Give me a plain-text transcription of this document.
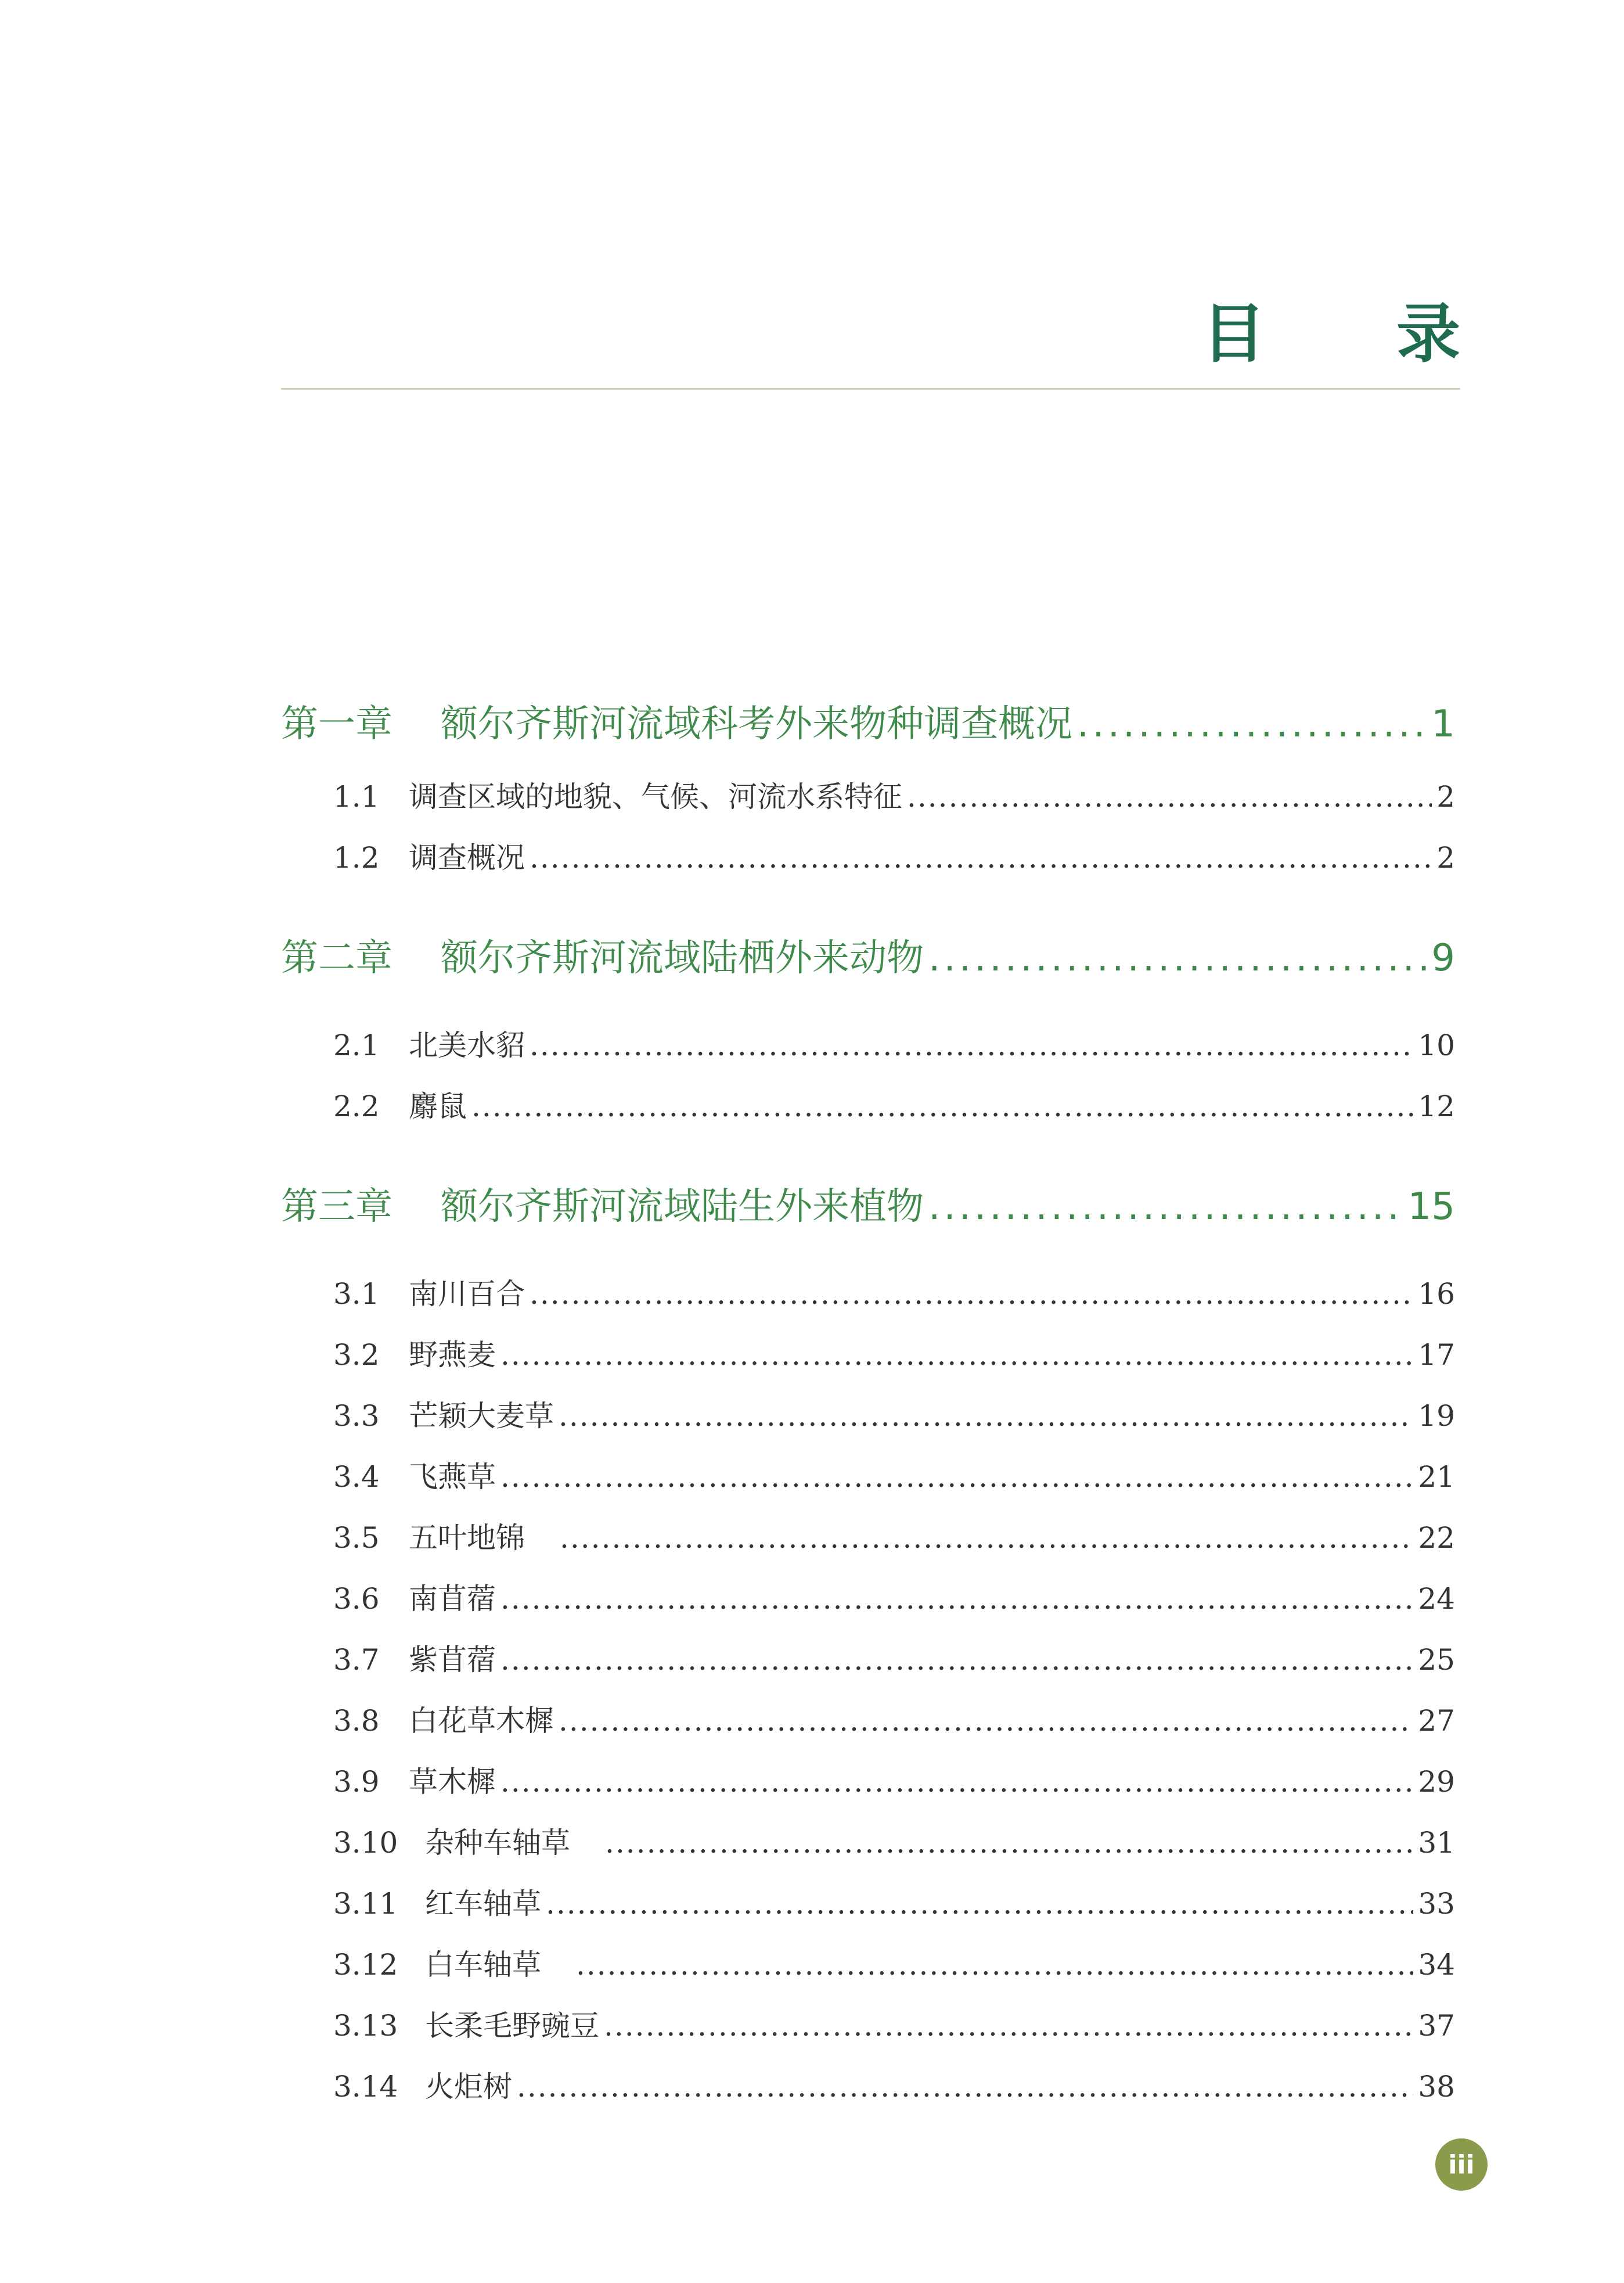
目 录
第一章	额尔齐斯河流域科考外来物种调查概况 .....	1
1.1	调查区域的地貌、气候、河流水系特征 .....	2
1.2	调查概况 .....	2
第二章	额尔齐斯河流域陆栖外来动物 .....	9
2.1	北美水貂 .....	10
2.2	麝鼠 .....	12
第三章	额尔齐斯河流域陆生外来植物 .....	15
3.1	南川百合 .....	16
3.2	野燕麦 .....	17
3.3	芒颖大麦草 .....	19
3.4	飞燕草 .....	21
3.5	五叶地锦 .....	22
3.6	南苜蓿 .....	24
3.7	紫苜蓿 .....	25
3.8	白花草木樨 .....	27
3.9	草木樨 .....	29
3.10 杂种车轴草 .....	31
3.11 红车轴草 .....	33
3.12 白车轴草 .....	34
3.13 长柔毛野豌豆 .....	37
3.14 火炬树 .....	38
iii
